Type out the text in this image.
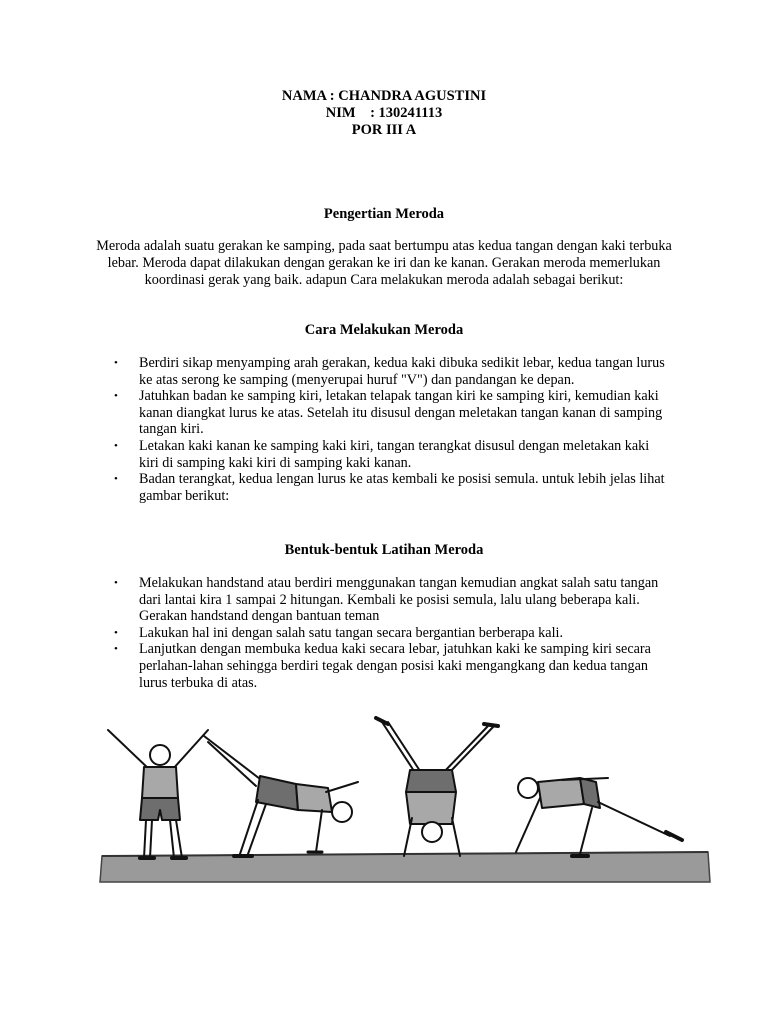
NAMA : CHANDRA AGUSTINI
NIM    : 130241113
POR III A
Pengertian Meroda
Meroda adalah suatu gerakan ke samping, pada saat bertumpu atas kedua tangan dengan kaki terbuka lebar. Meroda dapat dilakukan dengan gerakan ke iri dan ke kanan. Gerakan meroda memerlukan koordinasi gerak yang baik. adapun Cara melakukan meroda adalah sebagai berikut:
Cara Melakukan Meroda
• Berdiri sikap menyamping arah gerakan, kedua kaki dibuka sedikit lebar, kedua tangan lurus ke atas serong ke samping (menyerupai huruf "V") dan pandangan ke depan.
• Jatuhkan badan ke samping kiri, letakan telapak tangan kiri ke samping kiri, kemudian kaki kanan diangkat lurus ke atas. Setelah itu disusul dengan meletakan tangan kanan di samping tangan kiri.
• Letakan kaki kanan ke samping kaki kiri, tangan terangkat disusul dengan meletakan kaki kiri di samping kaki kiri di samping kaki kanan.
• Badan terangkat, kedua lengan lurus ke atas kembali ke posisi semula. untuk lebih jelas lihat gambar berikut:
Bentuk-bentuk Latihan Meroda
• Melakukan handstand atau berdiri menggunakan tangan kemudian angkat salah satu tangan dari lantai kira 1 sampai 2 hitungan. Kembali ke posisi semula, lalu ulang beberapa kali. Gerakan handstand dengan bantuan teman
• Lakukan hal ini dengan salah satu tangan secara bergantian berberapa kali.
• Lanjutkan dengan membuka kedua kaki secara lebar, jatuhkan kaki ke samping kiri secara perlahan-lahan sehingga berdiri tegak dengan posisi kaki mengangkang dan kedua tangan lurus terbuka di atas.
